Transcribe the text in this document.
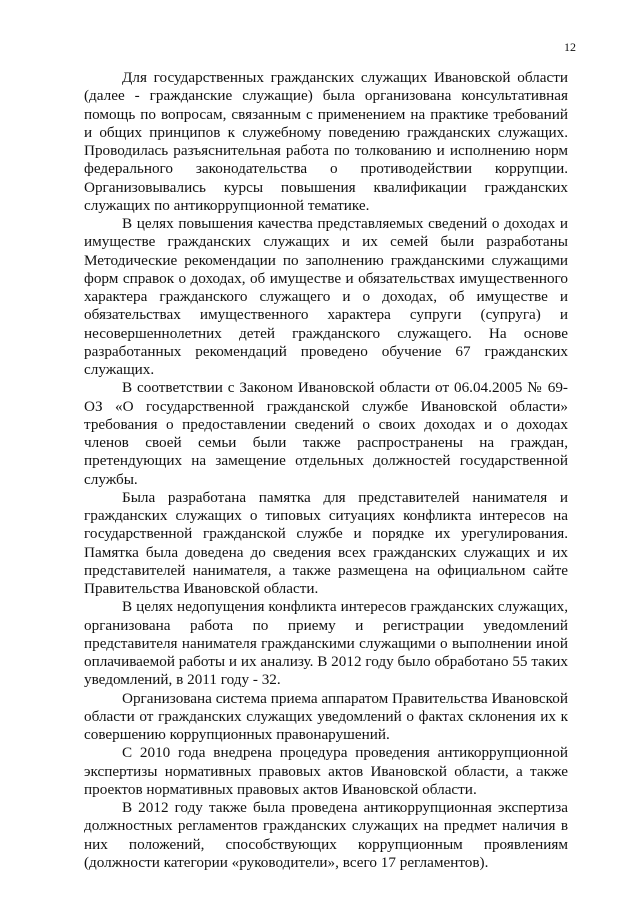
12

Для государственных гражданских служащих Ивановской области (далее - гражданские служащие) была организована консультативная помощь по вопросам, связанным с применением на практике требований и общих принципов к служебному поведению гражданских служащих. Проводилась разъяснительная работа по толкованию и исполнению норм федерального законодательства о противодействии коррупции. Организовывались курсы повышения квалификации гражданских служащих по антикоррупционной тематике.

В целях повышения качества представляемых сведений о доходах и имуществе гражданских служащих и их семей были разработаны Методические рекомендации по заполнению гражданскими служащими форм справок о доходах, об имуществе и обязательствах имущественного характера гражданского служащего и о доходах, об имуществе и обязательствах имущественного характера супруги (супруга) и несовершеннолетних детей гражданского служащего. На основе разработанных рекомендаций проведено обучение 67 гражданских служащих.

В соответствии с Законом Ивановской области от 06.04.2005 № 69-ОЗ «О государственной гражданской службе Ивановской области» требования о предоставлении сведений о своих доходах и о доходах членов своей семьи были также распространены на граждан, претендующих на замещение отдельных должностей государственной службы.

Была разработана памятка для представителей нанимателя и гражданских служащих о типовых ситуациях конфликта интересов на государственной гражданской службе и порядке их урегулирования. Памятка была доведена до сведения всех гражданских служащих и их представителей нанимателя, а также размещена на официальном сайте Правительства Ивановской области.

В целях недопущения конфликта интересов гражданских служащих, организована работа по приему и регистрации уведомлений представителя нанимателя гражданскими служащими о выполнении иной оплачиваемой работы и их анализу. В 2012 году было обработано 55 таких уведомлений, в 2011 году - 32.

Организована система приема аппаратом Правительства Ивановской области от гражданских служащих уведомлений о фактах склонения их к совершению коррупционных правонарушений.

С 2010 года внедрена процедура проведения антикоррупционной экспертизы нормативных правовых актов Ивановской области, а также проектов нормативных правовых актов Ивановской области.

В 2012 году также была проведена антикоррупционная экспертиза должностных регламентов гражданских служащих на предмет наличия в них положений, способствующих коррупционным проявлениям (должности категории «руководители», всего 17 регламентов).
